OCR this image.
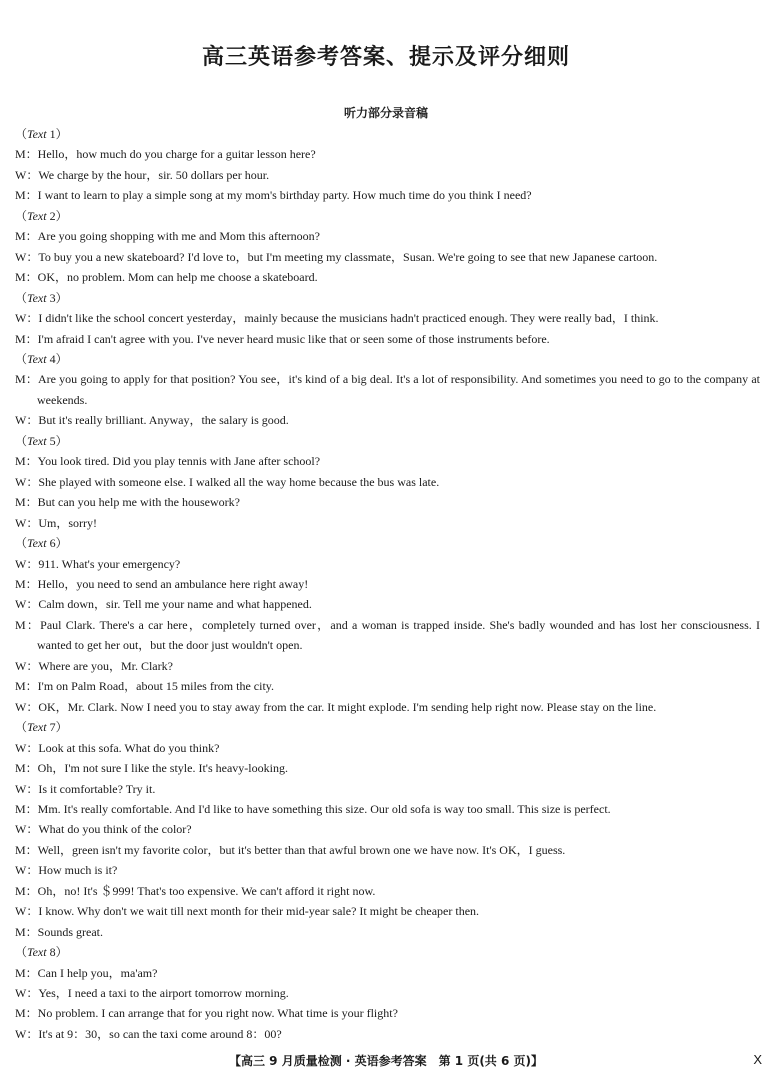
高三英语参考答案、提示及评分细则
听力部分录音稿
（Text 1）
M：Hello，how much do you charge for a guitar lesson here?
W：We charge by the hour，sir. 50 dollars per hour.
M：I want to learn to play a simple song at my mom's birthday party. How much time do you think I need?
（Text 2）
M：Are you going shopping with me and Mom this afternoon?
W：To buy you a new skateboard? I'd love to，but I'm meeting my classmate，Susan. We're going to see that new Japanese cartoon.
M：OK，no problem. Mom can help me choose a skateboard.
（Text 3）
W：I didn't like the school concert yesterday，mainly because the musicians hadn't practiced enough. They were really bad，I think.
M：I'm afraid I can't agree with you. I've never heard music like that or seen some of those instruments before.
（Text 4）
M：Are you going to apply for that position? You see，it's kind of a big deal. It's a lot of responsibility. And sometimes you need to go to the company at weekends.
W：But it's really brilliant. Anyway，the salary is good.
（Text 5）
M：You look tired. Did you play tennis with Jane after school?
W：She played with someone else. I walked all the way home because the bus was late.
M：But can you help me with the housework?
W：Um，sorry!
（Text 6）
W：911. What's your emergency?
M：Hello，you need to send an ambulance here right away!
W：Calm down，sir. Tell me your name and what happened.
M：Paul Clark. There's a car here，completely turned over，and a woman is trapped inside. She's badly wounded and has lost her consciousness. I wanted to get her out，but the door just wouldn't open.
W：Where are you，Mr. Clark?
M：I'm on Palm Road，about 15 miles from the city.
W：OK，Mr. Clark. Now I need you to stay away from the car. It might explode. I'm sending help right now. Please stay on the line.
（Text 7）
W：Look at this sofa. What do you think?
M：Oh，I'm not sure I like the style. It's heavy-looking.
W：Is it comfortable? Try it.
M：Mm. It's really comfortable. And I'd like to have something this size. Our old sofa is way too small. This size is perfect.
W：What do you think of the color?
M：Well，green isn't my favorite color，but it's better than that awful brown one we have now. It's OK，I guess.
W：How much is it?
M：Oh，no! It's ＄999! That's too expensive. We can't afford it right now.
W：I know. Why don't we wait till next month for their mid-year sale? It might be cheaper then.
M：Sounds great.
（Text 8）
M：Can I help you，ma'am?
W：Yes，I need a taxi to the airport tomorrow morning.
M：No problem. I can arrange that for you right now. What time is your flight?
W：It's at 9：30，so can the taxi come around 8：00?
【高三 9 月质量检测 · 英语参考答案　第 1 页(共 6 页)】	X
